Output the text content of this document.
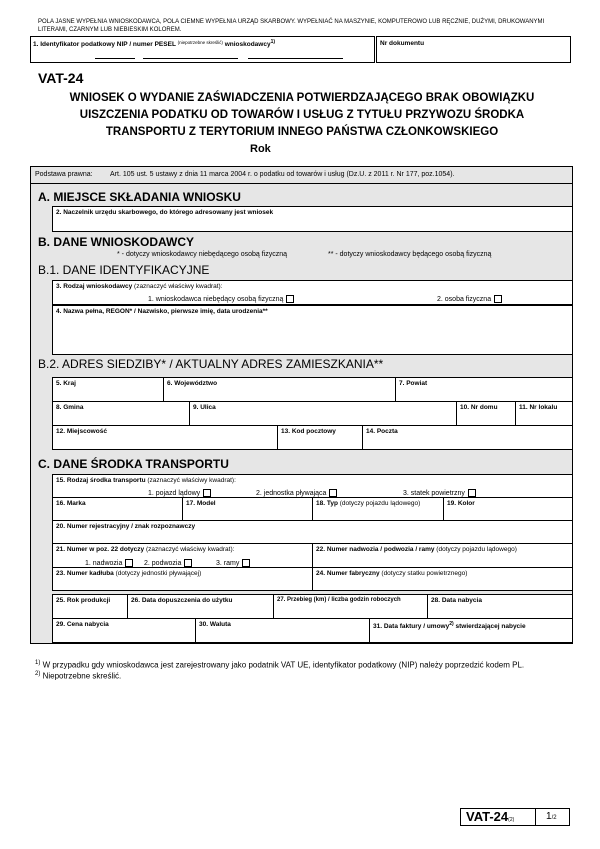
POLA JASNE WYPEŁNIA WNIOSKODAWCA, POLA CIEMNE WYPEŁNIA URZĄD SKARBOWY. WYPEŁNIAĆ NA MASZYNIE, KOMPUTEROWO LUB RĘCZNIE, DUŻYMI, DRUKOWANYMI LITERAMI, CZARNYM LUB NIEBIESKIM KOLOREM.
1. Identyfikator podatkowy NIP / numer PESEL $^{(niepotrzebne skreślić)}$ wnioskodawcy$^{1)}$	Nr dokumentu
VAT-24
WNIOSEK O WYDANIE ZAŚWIADCZENIA POTWIERDZAJĄCEGO BRAK OBOWIĄZKU UISZCZENIA PODATKU OD TOWARÓW I USŁUG Z TYTUŁU PRZYWOZU ŚRODKA TRANSPORTU Z TERYTORIUM INNEGO PAŃSTWA CZŁONKOWSKIEGO
Rok
Podstawa prawna: Art. 105 ust. 5 ustawy z dnia 11 marca 2004 r. o podatku od towarów i usług (Dz.U. z 2011 r. Nr 177, poz.1054).
A. MIEJSCE SKŁADANIA WNIOSKU
2. Naczelnik urzędu skarbowego, do którego adresowany jest wniosek
B. DANE WNIOSKODAWCY
* - dotyczy wnioskodawcy niebędącego osobą fizyczną	** - dotyczy wnioskodawcy będącego osobą fizyczną
B.1. DANE IDENTYFIKACYJNE
3. Rodzaj wnioskodawcy (zaznaczyć właściwy kwadrat):
1. wnioskodawca niebędący osobą fizyczną	2. osoba fizyczna
4. Nazwa pełna, REGON* / Nazwisko, pierwsze imię, data urodzenia**
B.2. ADRES SIEDZIBY* / AKTUALNY ADRES ZAMIESZKANIA**
5. Kraj	6. Województwo	7. Powiat
8. Gmina	9. Ulica	10. Nr domu	11. Nr lokalu
12. Miejscowość	13. Kod pocztowy	14. Poczta
C. DANE ŚRODKA TRANSPORTU
15. Rodzaj środka transportu (zaznaczyć właściwy kwadrat):
1. pojazd lądowy	2. jednostka pływająca	3. statek powietrzny
16. Marka	17. Model	18. Typ (dotyczy pojazdu lądowego)	19. Kolor
20. Numer rejestracyjny / znak rozpoznawczy
21. Numer w poz. 22 dotyczy (zaznaczyć właściwy kwadrat):
1. nadwozia	2. podwozia	3. ramy
22. Numer nadwozia / podwozia / ramy (dotyczy pojazdu lądowego)
23. Numer kadłuba (dotyczy jednostki pływającej)	24. Numer fabryczny (dotyczy statku powietrznego)
25. Rok produkcji	26. Data dopuszczenia do użytku	27. Przebieg (km) / liczba godzin roboczych	28. Data nabycia
29. Cena nabycia	30. Waluta	31. Data faktury / umowy$^{2)}$ stwierdzającej nabycie
$^{1)}$ W przypadku gdy wnioskodawca jest zarejestrowany jako podatnik VAT UE, identyfikator podatkowy (NIP) należy poprzedzić kodem PL.
$^{2)}$ Niepotrzebne skreślić.
VAT-24(2)	1/2
